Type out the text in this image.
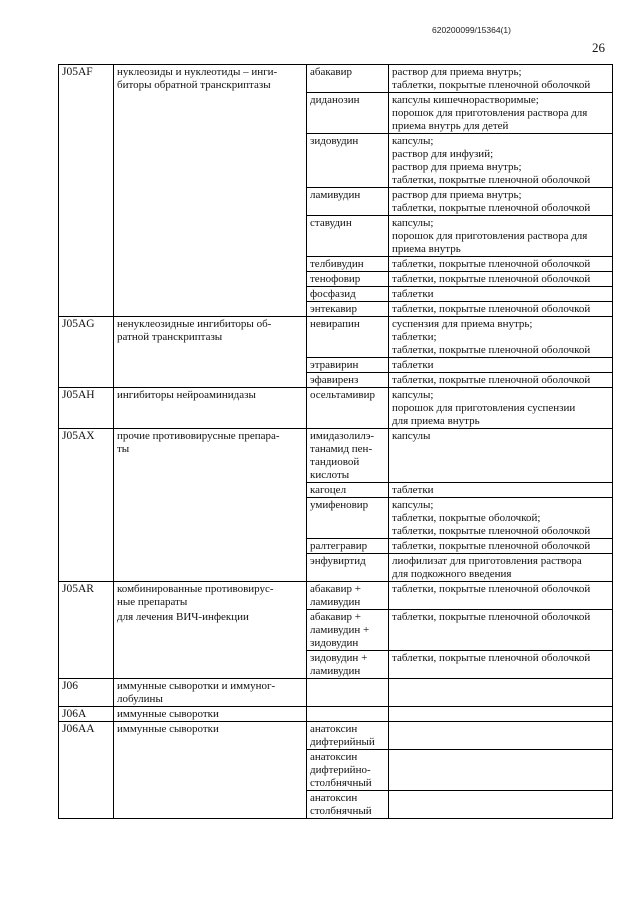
620200099/15364(1)
26
J05AF	нуклеозиды и нуклеотиды – инги-
биторы обратной транскриптазы	абакавир	раствор для приема внутрь;
таблетки, покрытые пленочной оболочкой
		диданозин	капсулы кишечнорастворимые;
порошок для приготовления раствора для
приема внутрь для детей
		зидовудин	капсулы;
раствор для инфузий;
раствор для приема внутрь;
таблетки, покрытые пленочной оболочкой
		ламивудин	раствор для приема внутрь;
таблетки, покрытые пленочной оболочкой
		ставудин	капсулы;
порошок для приготовления раствора для
приема внутрь
		телбивудин	таблетки, покрытые пленочной оболочкой
		тенофовир	таблетки, покрытые пленочной оболочкой
		фосфазид	таблетки
		энтекавир	таблетки, покрытые пленочной оболочкой
J05AG	ненуклеозидные ингибиторы об-
ратной транскриптазы	невирапин	суспензия для приема внутрь;
таблетки;
таблетки, покрытые пленочной оболочкой
		этравирин	таблетки
		эфавиренз	таблетки, покрытые пленочной оболочкой
J05AH	ингибиторы нейроаминидазы	осельтамивир	капсулы;
порошок для приготовления суспензии
для приема внутрь
J05AX	прочие противовирусные препара-
ты	имидазолилэ-
танамид пен-
тандиовой
кислоты	капсулы
		кагоцел	таблетки
		умифеновир	капсулы;
таблетки, покрытые оболочкой;
таблетки, покрытые пленочной оболочкой
		ралтегравир	таблетки, покрытые пленочной оболочкой
		энфувиртид	лиофилизат для приготовления раствора
для подкожного введения
J05AR	комбинированные противовирус-
ные препараты	абакавир +
ламивудин	таблетки, покрытые пленочной оболочкой
	для лечения ВИЧ-инфекции	абакавир +
ламивудин +
зидовудин	таблетки, покрытые пленочной оболочкой
		зидовудин +
ламивудин	таблетки, покрытые пленочной оболочкой
J06	иммунные сыворотки и иммуног-
лобулины		
J06A	иммунные сыворотки		
J06AA	иммунные сыворотки	анатоксин
дифтерийный	
		анатоксин
дифтерийно-
столбнячный	
		анатоксин
столбнячный	
